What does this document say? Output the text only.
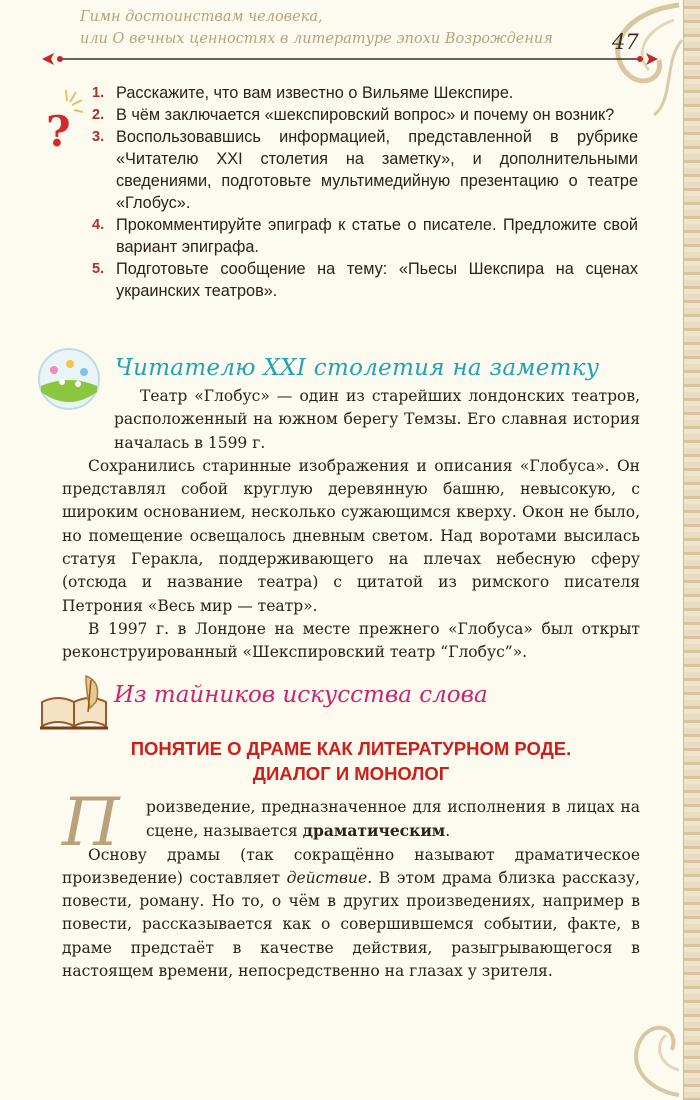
Гимн достоинствам человека,
или О вечных ценностях в литературе эпохи Возрождения	47
?
1. Расскажите, что вам известно о Вильяме Шекспире.
2. В чём заключается «шекспировский вопрос» и почему он возник?
3. Воспользовавшись информацией, представленной в рубрике «Читателю XXI столетия на заметку», и дополнительными сведениями, подготовьте мультимедийную презентацию о театре «Глобус».
4. Прокомментируйте эпиграф к статье о писателе. Предложите свой вариант эпиграфа.
5. Подготовьте сообщение на тему: «Пьесы Шекспира на сценах украинских театров».
Читателю XXI столетия на заметку

Театр «Глобус» — один из старейших лондонских театров, расположенный на южном берегу Темзы. Его славная история началась в 1599 г.

Сохранились старинные изображения и описания «Глобуса». Он представлял собой круглую деревянную башню, невысокую, с широким основанием, несколько сужающимся кверху. Окон не было, но помещение освещалось дневным светом. Над воротами высилась статуя Геракла, поддерживающего на плечах небесную сферу (отсюда и название театра) с цитатой из римского писателя Петрония «Весь мир — театр».

В 1997 г. в Лондоне на месте прежнего «Глобуса» был открыт реконструированный «Шекспировский театр “Глобус”».

Из тайников искусства слова
ПОНЯТИЕ О ДРАМЕ КАК ЛИТЕРАТУРНОМ РОДЕ.
ДИАЛОГ И МОНОЛОГ
П	роизведение, предназначенное для исполнения в лицах на сцене, называется драматическим.

Основу драмы (так сокращённо называют драматическое произведение) составляет действие. В этом драма близка рассказу, повести, роману. Но то, о чём в других произведениях, например в повести, рассказывается как о совершившемся событии, факте, в драме предстаёт в качестве действия, разыгрывающегося в настоящем времени, непосредственно на глазах у зрителя.
